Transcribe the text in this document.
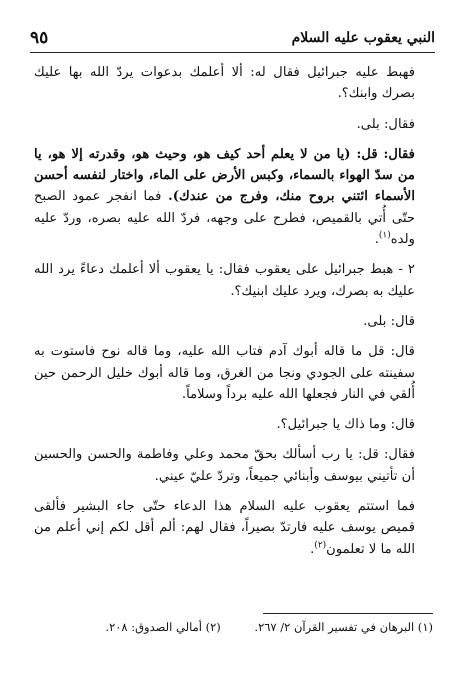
٩٥	النبي يعقوب عليه السلام

فهبط عليه جبرائيل فقال له: ألا أعلمك بدعوات يردّ الله بها عليك بصرك وابنك؟.

فقال: بلى.

فقال: قل: (يا من لا يعلم أحد كيف هو، وحيث هو، وقدرته إلا هو، يا من سدّ الهواء بالسماء، وكبس الأرض على الماء، واختار لنفسه أحسن الأسماء ائتني بروح منك، وفرج من عندك). فما انفجر عمود الصبح حتّى أُتي بالقميص، فطرح على وجهه، فردّ الله عليه بصره، وردّ عليه ولده$^{(١)}$.

٢ - هبط جبرائيل على يعقوب فقال: يا يعقوب ألا أعلمك دعاءً يرد الله عليك به بصرك، ويرد عليك ابنيك؟.

قال: بلى.

قال: قل ما قاله أبوك آدم فتاب الله عليه، وما قاله نوح فاستوت به سفينته على الجودي ونجا من الغرق، وما قاله أبوك خليل الرحمن حين أُلقي في النار فجعلها الله عليه برداً وسلاماً.

قال: وما ذاك يا جبرائيل؟.

فقال: قل: يا رب أسألك بحقّ محمد وعلي وفاطمة والحسن والحسين أن تأتيني بيوسف وأبنائي جميعاً، وتردّ عليّ عيني.

فما استتم يعقوب عليه السلام هذا الدعاء حتّى جاء البشير فألقى قميص يوسف عليه فارتدّ بصيراً، فقال لهم: ألم أقل لكم إني أعلم من الله ما لا تعلمون$^{(٢)}$.

(١) البرهان في تفسير القرآن ٢/ ٢٦٧. (٢) أمالي الصدوق: ٢٠٨.
